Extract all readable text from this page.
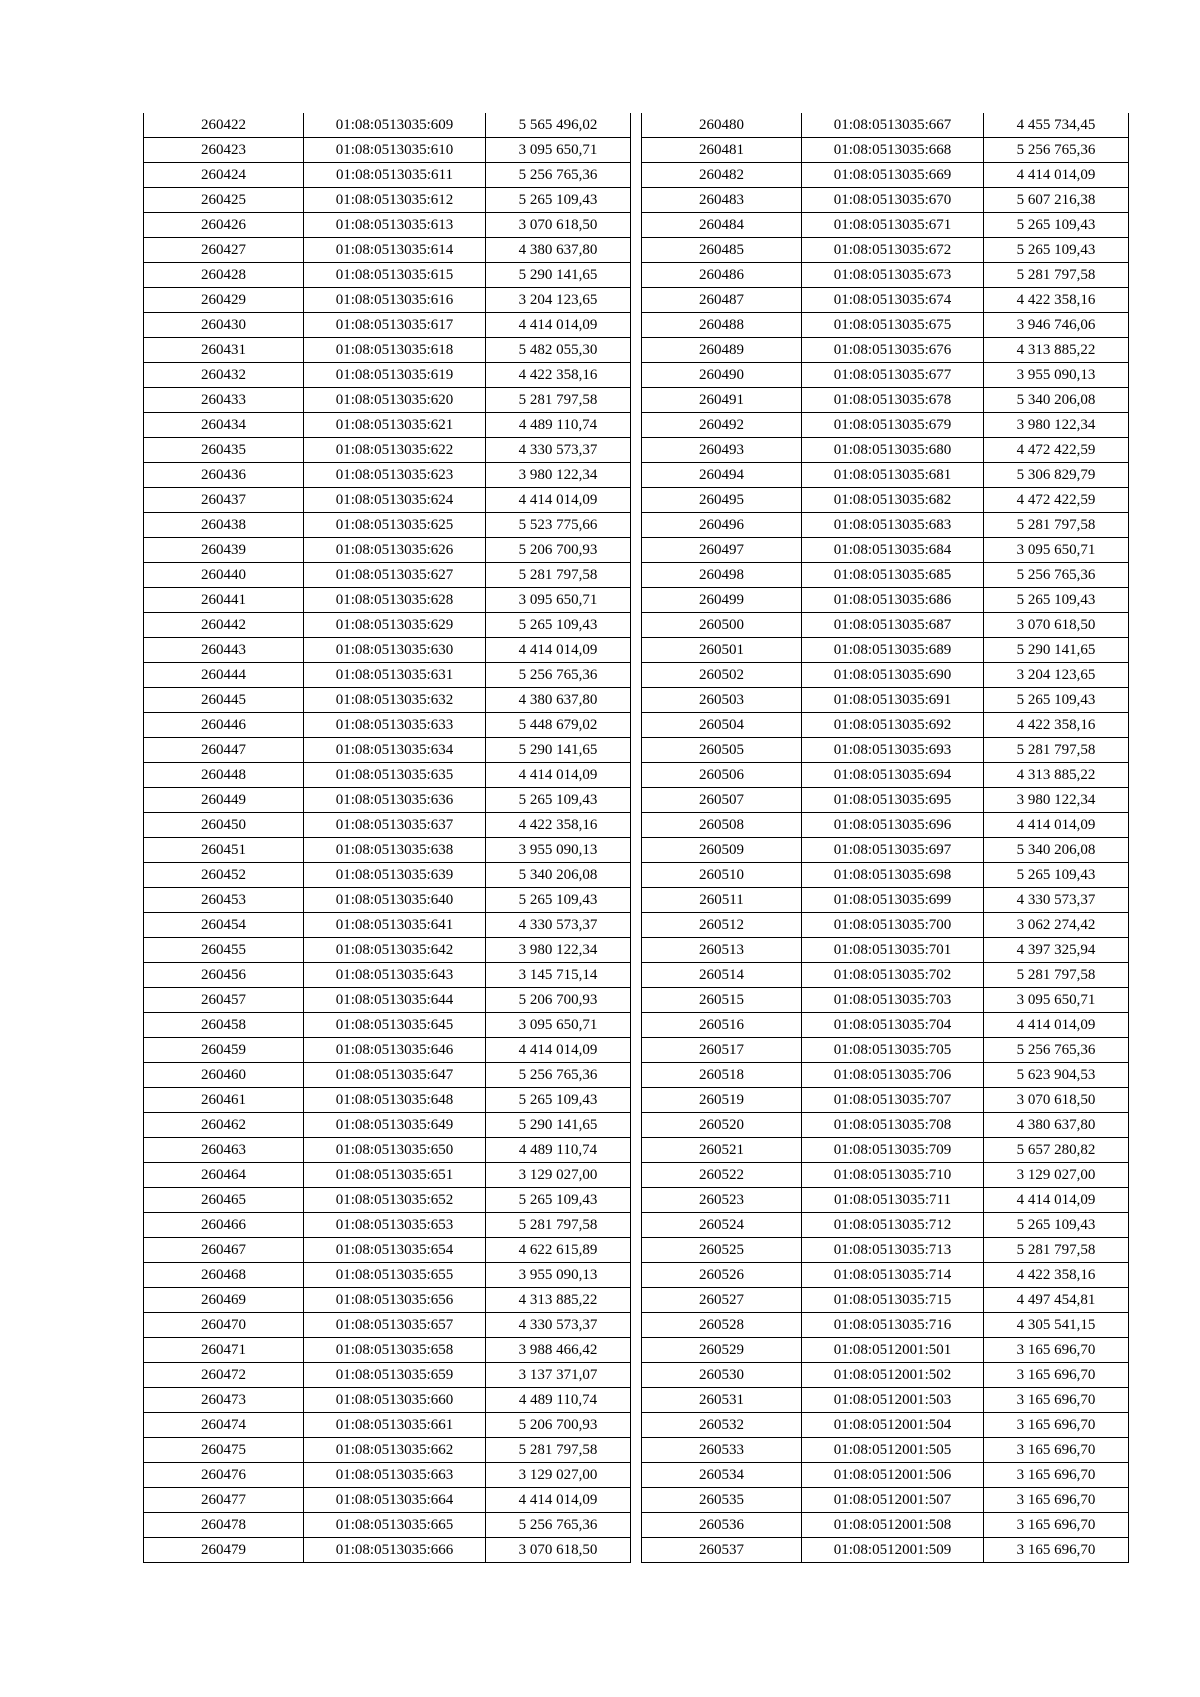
260422	01:08:0513035:609	5 565 496,02
260423	01:08:0513035:610	3 095 650,71
260424	01:08:0513035:611	5 256 765,36
260425	01:08:0513035:612	5 265 109,43
260426	01:08:0513035:613	3 070 618,50
260427	01:08:0513035:614	4 380 637,80
260428	01:08:0513035:615	5 290 141,65
260429	01:08:0513035:616	3 204 123,65
260430	01:08:0513035:617	4 414 014,09
260431	01:08:0513035:618	5 482 055,30
260432	01:08:0513035:619	4 422 358,16
260433	01:08:0513035:620	5 281 797,58
260434	01:08:0513035:621	4 489 110,74
260435	01:08:0513035:622	4 330 573,37
260436	01:08:0513035:623	3 980 122,34
260437	01:08:0513035:624	4 414 014,09
260438	01:08:0513035:625	5 523 775,66
260439	01:08:0513035:626	5 206 700,93
260440	01:08:0513035:627	5 281 797,58
260441	01:08:0513035:628	3 095 650,71
260442	01:08:0513035:629	5 265 109,43
260443	01:08:0513035:630	4 414 014,09
260444	01:08:0513035:631	5 256 765,36
260445	01:08:0513035:632	4 380 637,80
260446	01:08:0513035:633	5 448 679,02
260447	01:08:0513035:634	5 290 141,65
260448	01:08:0513035:635	4 414 014,09
260449	01:08:0513035:636	5 265 109,43
260450	01:08:0513035:637	4 422 358,16
260451	01:08:0513035:638	3 955 090,13
260452	01:08:0513035:639	5 340 206,08
260453	01:08:0513035:640	5 265 109,43
260454	01:08:0513035:641	4 330 573,37
260455	01:08:0513035:642	3 980 122,34
260456	01:08:0513035:643	3 145 715,14
260457	01:08:0513035:644	5 206 700,93
260458	01:08:0513035:645	3 095 650,71
260459	01:08:0513035:646	4 414 014,09
260460	01:08:0513035:647	5 256 765,36
260461	01:08:0513035:648	5 265 109,43
260462	01:08:0513035:649	5 290 141,65
260463	01:08:0513035:650	4 489 110,74
260464	01:08:0513035:651	3 129 027,00
260465	01:08:0513035:652	5 265 109,43
260466	01:08:0513035:653	5 281 797,58
260467	01:08:0513035:654	4 622 615,89
260468	01:08:0513035:655	3 955 090,13
260469	01:08:0513035:656	4 313 885,22
260470	01:08:0513035:657	4 330 573,37
260471	01:08:0513035:658	3 988 466,42
260472	01:08:0513035:659	3 137 371,07
260473	01:08:0513035:660	4 489 110,74
260474	01:08:0513035:661	5 206 700,93
260475	01:08:0513035:662	5 281 797,58
260476	01:08:0513035:663	3 129 027,00
260477	01:08:0513035:664	4 414 014,09
260478	01:08:0513035:665	5 256 765,36
260479	01:08:0513035:666	3 070 618,50
260480	01:08:0513035:667	4 455 734,45
260481	01:08:0513035:668	5 256 765,36
260482	01:08:0513035:669	4 414 014,09
260483	01:08:0513035:670	5 607 216,38
260484	01:08:0513035:671	5 265 109,43
260485	01:08:0513035:672	5 265 109,43
260486	01:08:0513035:673	5 281 797,58
260487	01:08:0513035:674	4 422 358,16
260488	01:08:0513035:675	3 946 746,06
260489	01:08:0513035:676	4 313 885,22
260490	01:08:0513035:677	3 955 090,13
260491	01:08:0513035:678	5 340 206,08
260492	01:08:0513035:679	3 980 122,34
260493	01:08:0513035:680	4 472 422,59
260494	01:08:0513035:681	5 306 829,79
260495	01:08:0513035:682	4 472 422,59
260496	01:08:0513035:683	5 281 797,58
260497	01:08:0513035:684	3 095 650,71
260498	01:08:0513035:685	5 256 765,36
260499	01:08:0513035:686	5 265 109,43
260500	01:08:0513035:687	3 070 618,50
260501	01:08:0513035:689	5 290 141,65
260502	01:08:0513035:690	3 204 123,65
260503	01:08:0513035:691	5 265 109,43
260504	01:08:0513035:692	4 422 358,16
260505	01:08:0513035:693	5 281 797,58
260506	01:08:0513035:694	4 313 885,22
260507	01:08:0513035:695	3 980 122,34
260508	01:08:0513035:696	4 414 014,09
260509	01:08:0513035:697	5 340 206,08
260510	01:08:0513035:698	5 265 109,43
260511	01:08:0513035:699	4 330 573,37
260512	01:08:0513035:700	3 062 274,42
260513	01:08:0513035:701	4 397 325,94
260514	01:08:0513035:702	5 281 797,58
260515	01:08:0513035:703	3 095 650,71
260516	01:08:0513035:704	4 414 014,09
260517	01:08:0513035:705	5 256 765,36
260518	01:08:0513035:706	5 623 904,53
260519	01:08:0513035:707	3 070 618,50
260520	01:08:0513035:708	4 380 637,80
260521	01:08:0513035:709	5 657 280,82
260522	01:08:0513035:710	3 129 027,00
260523	01:08:0513035:711	4 414 014,09
260524	01:08:0513035:712	5 265 109,43
260525	01:08:0513035:713	5 281 797,58
260526	01:08:0513035:714	4 422 358,16
260527	01:08:0513035:715	4 497 454,81
260528	01:08:0513035:716	4 305 541,15
260529	01:08:0512001:501	3 165 696,70
260530	01:08:0512001:502	3 165 696,70
260531	01:08:0512001:503	3 165 696,70
260532	01:08:0512001:504	3 165 696,70
260533	01:08:0512001:505	3 165 696,70
260534	01:08:0512001:506	3 165 696,70
260535	01:08:0512001:507	3 165 696,70
260536	01:08:0512001:508	3 165 696,70
260537	01:08:0512001:509	3 165 696,70
